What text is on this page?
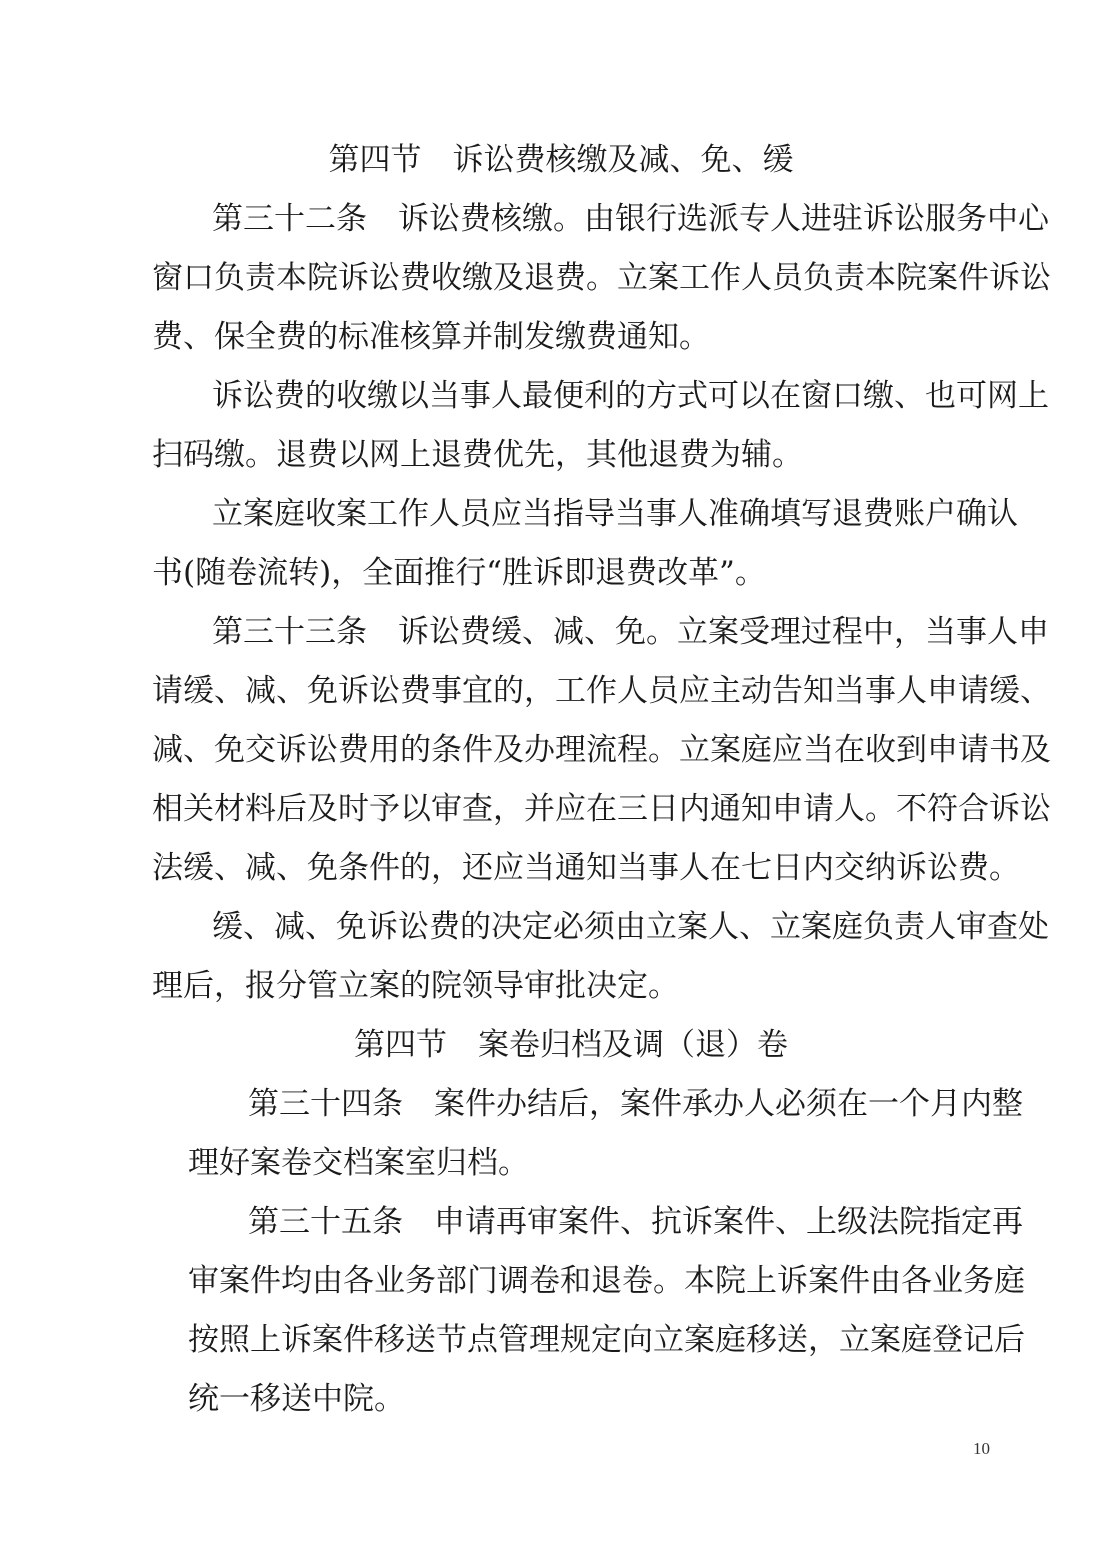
第四节　诉讼费核缴及减、免、缓
第三十二条　诉讼费核缴。由银行选派专人进驻诉讼服务中心
窗口负责本院诉讼费收缴及退费。立案工作人员负责本院案件诉讼
费、保全费的标准核算并制发缴费通知。
诉讼费的收缴以当事人最便利的方式可以在窗口缴、也可网上
扫码缴。退费以网上退费优先，其他退费为辅。
立案庭收案工作人员应当指导当事人准确填写退费账户确认
书(随卷流转)，全面推行“胜诉即退费改革”。
第三十三条　诉讼费缓、减、免。立案受理过程中，当事人申
请缓、减、免诉讼费事宜的，工作人员应主动告知当事人申请缓、
减、免交诉讼费用的条件及办理流程。立案庭应当在收到申请书及
相关材料后及时予以审查，并应在三日内通知申请人。不符合诉讼
法缓、减、免条件的，还应当通知当事人在七日内交纳诉讼费。
缓、减、免诉讼费的决定必须由立案人、立案庭负责人审查处
理后，报分管立案的院领导审批决定。
第四节　案卷归档及调（退）卷
第三十四条　案件办结后，案件承办人必须在一个月内整
理好案卷交档案室归档。
第三十五条　申请再审案件、抗诉案件、上级法院指定再
审案件均由各业务部门调卷和退卷。本院上诉案件由各业务庭
按照上诉案件移送节点管理规定向立案庭移送，立案庭登记后
统一移送中院。
10
